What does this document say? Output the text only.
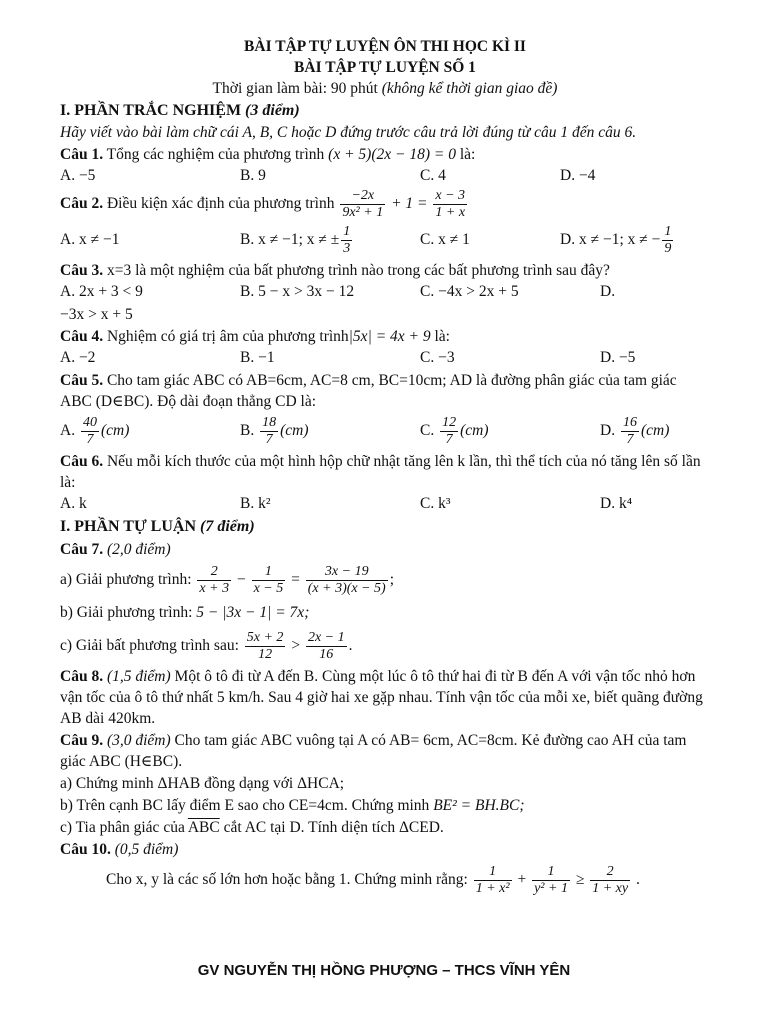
BÀI TẬP TỰ LUYỆN ÔN THI HỌC KÌ II
BÀI TẬP TỰ LUYỆN SỐ 1
Thời gian làm bài: 90 phút (không kể thời gian giao đề)
I. PHẦN TRẮC NGHIỆM (3 điểm)
Hãy viết vào bài làm chữ cái A, B, C hoặc D đứng trước câu trả lời đúng từ câu 1 đến câu 6.
Câu 1. Tổng các nghiệm của phương trình (x + 5)(2x − 18) = 0 là:
A. −5	B. 9	C. 4	D. −4
Câu 2. Điều kiện xác định của phương trình $\frac{-2x}{\text{9x² + 1}} + 1 = \frac{x - 3}{1 + x}$
A. x ≠ −1	B. x ≠ −1; x ≠ ± $\frac{1}{3}$	C. x ≠ 1	D. x ≠ −1; x ≠ − $\frac{1}{9}$
Câu 3. x=3 là một nghiệm của bất phương trình nào trong các bất phương trình sau đây?
A. 2x + 3 < 9	B. 5 − x > 3x − 12	C. −4x > 2x + 5	D.
−3x > x + 5
Câu 4. Nghiệm có giá trị âm của phương trình|5x| = 4x + 9 là:
A. −2	B. −1	C. −3	D. −5
Câu 5. Cho tam giác ABC có AB=6cm, AC=8 cm, BC=10cm; AD là đường phân giác của tam giác ABC (D∈BC). Độ dài đoạn thẳng CD là:
A. $\frac{40}{7} (cm)$	B. $\frac{18}{7} (cm)$	C. $\frac{12}{7} (cm)$	D. $\frac{16}{7} (cm)$
Câu 6. Nếu mỗi kích thước của một hình hộp chữ nhật tăng lên k lần, thì thể tích của nó tăng lên số lần là:
A. k	B. k²	C. k³	D. k⁴
I. PHẦN TỰ LUẬN (7 điểm)
Câu 7. (2,0 điểm)
a) Giải phương trình: $\frac{2}{x + 3} - \frac{1}{x - 5} = \frac{3x - 19}{(x + 3)(x - 5)}$ ;
b) Giải phương trình: 5 − |3x − 1| = 7x;
c) Giải bất phương trình sau: $\frac{5x + 2}{12} > \frac{2x - 1}{16}$ .
Câu 8. (1,5 điểm) Một ô tô đi từ A đến B. Cùng một lúc ô tô thứ hai đi từ B đến A với vận tốc nhỏ hơn vận tốc của ô tô thứ nhất 5 km/h. Sau 4 giờ hai xe gặp nhau. Tính vận tốc của mỗi xe, biết quãng đường AB dài 420km.
Câu 9. (3,0 điểm) Cho tam giác ABC vuông tại A có AB= 6cm, AC=8cm. Kẻ đường cao AH của tam giác ABC (H∈BC).
a) Chứng minh ΔHAB đồng dạng với ΔHCA;
b) Trên cạnh BC lấy điểm E sao cho CE=4cm. Chứng minh BE² = BH.BC;
c) Tia phân giác của $\overline{ABC}$ cắt AC tại D. Tính diện tích ΔCED.
Câu 10. (0,5 điểm)
Cho x, y là các số lớn hơn hoặc bằng 1. Chứng minh rằng: $\frac{1}{\text{1 + x²}} + \frac{1}{\text{y² + 1}} \ge \frac{2}{1 + xy}$ .
GV NGUYỄN THỊ HỒNG PHƯỢNG – THCS VĨNH YÊN
